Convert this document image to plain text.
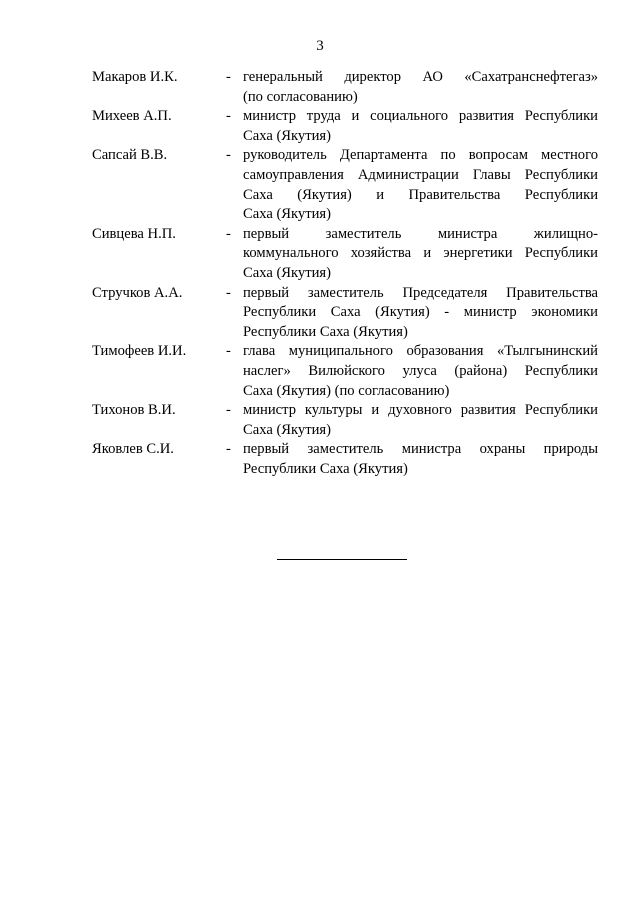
3
Макаров И.К.	- генеральный директор АО «Сахатранснефтегаз»
(по согласованию)
Михеев А.П.	- министр труда и социального развития Республики
Саха (Якутия)
Сапсай В.В.	- руководитель Департамента по вопросам местного
самоуправления Администрации Главы Республики
Саха (Якутия) и Правительства Республики
Саха (Якутия)
Сивцева Н.П.	- первый заместитель министра жилищно-
коммунального хозяйства и энергетики Республики
Саха (Якутия)
Стручков А.А.	- первый заместитель Председателя Правительства
Республики Саха (Якутия) - министр экономики
Республики Саха (Якутия)
Тимофеев И.И.	- глава муниципального образования «Тылгынинский
наслег» Вилюйского улуса (района) Республики
Саха (Якутия) (по согласованию)
Тихонов В.И.	- министр культуры и духовного развития Республики
Саха (Якутия)
Яковлев С.И.	- первый заместитель министра охраны природы
Республики Саха (Якутия)
